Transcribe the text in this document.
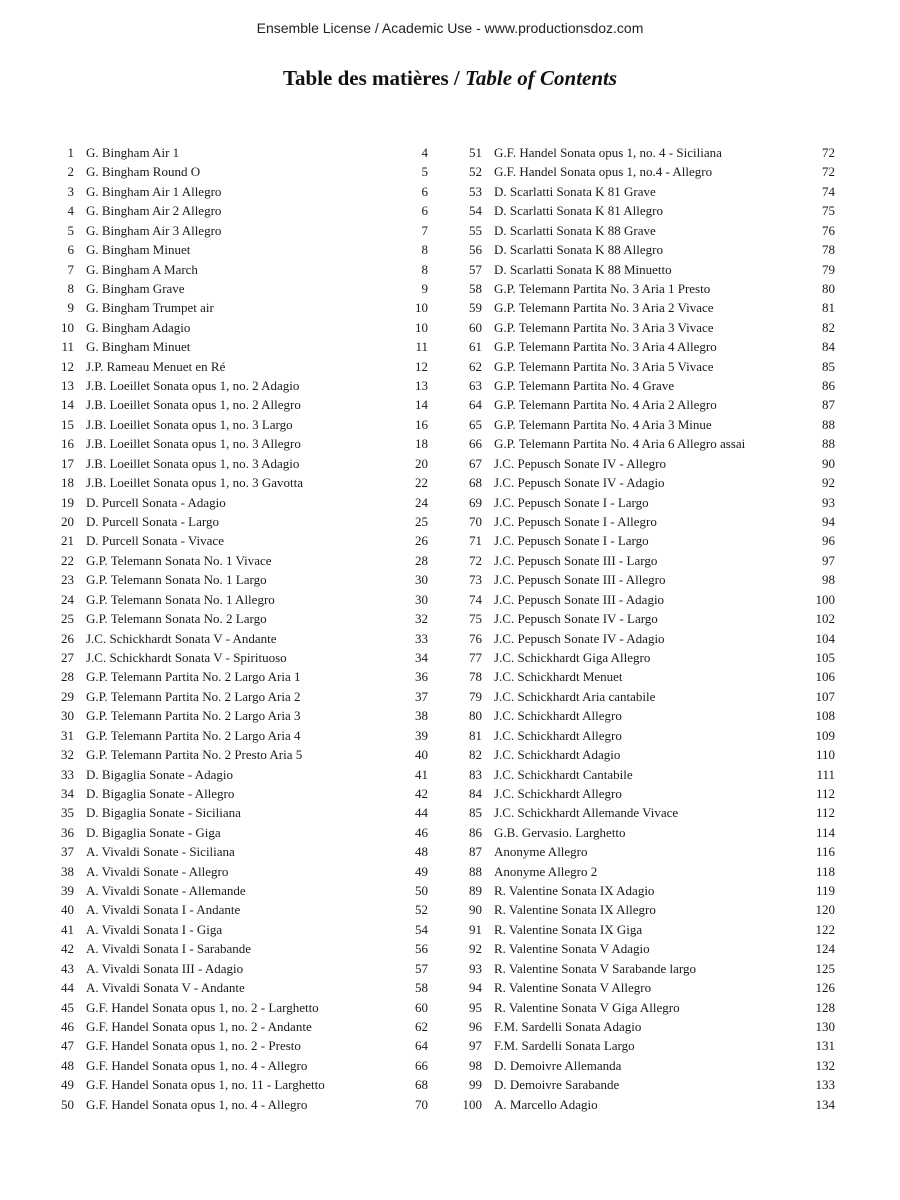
Ensemble License / Academic Use - www.productionsdoz.com
Table des matières / Table of Contents
1 G. Bingham Air 1	4
2 G. Bingham Round O	5
3 G. Bingham Air 1 Allegro	6
4 G. Bingham Air 2 Allegro	6
5 G. Bingham Air 3 Allegro	7
6 G. Bingham Minuet	8
7 G. Bingham A March	8
8 G. Bingham Grave	9
9 G. Bingham Trumpet air	10
10 G. Bingham Adagio	10
11 G. Bingham Minuet	11
12 J.P. Rameau Menuet en Ré	12
13 J.B. Loeillet Sonata opus 1, no. 2 Adagio	13
14 J.B. Loeillet Sonata opus 1, no. 2 Allegro	14
15 J.B. Loeillet Sonata opus 1, no. 3 Largo	16
16 J.B. Loeillet Sonata opus 1, no. 3 Allegro	18
17 J.B. Loeillet Sonata opus 1, no. 3 Adagio	20
18 J.B. Loeillet Sonata opus 1, no. 3 Gavotta	22
19 D. Purcell Sonata - Adagio	24
20 D. Purcell Sonata - Largo	25
21 D. Purcell Sonata - Vivace	26
22 G.P. Telemann Sonata No. 1 Vivace	28
23 G.P. Telemann Sonata No. 1 Largo	30
24 G.P. Telemann Sonata No. 1 Allegro	30
25 G.P. Telemann Sonata No. 2 Largo	32
26 J.C. Schickhardt Sonata V - Andante	33
27 J.C. Schickhardt Sonata V - Spirituoso	34
28 G.P. Telemann Partita No. 2 Largo Aria 1	36
29 G.P. Telemann Partita No. 2 Largo Aria 2	37
30 G.P. Telemann Partita No. 2 Largo Aria 3	38
31 G.P. Telemann Partita No. 2 Largo Aria 4	39
32 G.P. Telemann Partita No. 2 Presto Aria 5	40
33 D. Bigaglia Sonate - Adagio	41
34 D. Bigaglia Sonate - Allegro	42
35 D. Bigaglia Sonate - Siciliana	44
36 D. Bigaglia Sonate - Giga	46
37 A. Vivaldi Sonate - Siciliana	48
38 A. Vivaldi Sonate - Allegro	49
39 A. Vivaldi Sonate - Allemande	50
40 A. Vivaldi Sonata I - Andante	52
41 A. Vivaldi Sonata I - Giga	54
42 A. Vivaldi Sonata I - Sarabande	56
43 A. Vivaldi Sonata III - Adagio	57
44 A. Vivaldi Sonata V - Andante	58
45 G.F. Handel Sonata opus 1, no. 2 - Larghetto	60
46 G.F. Handel Sonata opus 1, no. 2 - Andante	62
47 G.F. Handel Sonata opus 1, no. 2 - Presto	64
48 G.F. Handel Sonata opus 1, no. 4 - Allegro	66
49 G.F. Handel Sonata opus 1, no. 11 - Larghetto	68
50 G.F. Handel Sonata opus 1, no. 4 - Allegro	70
51 G.F. Handel Sonata opus 1, no. 4 - Siciliana	72
52 G.F. Handel Sonata opus 1, no.4 - Allegro	72
53 D. Scarlatti Sonata K 81 Grave	74
54 D. Scarlatti Sonata K 81 Allegro	75
55 D. Scarlatti Sonata K 88 Grave	76
56 D. Scarlatti Sonata K 88 Allegro	78
57 D. Scarlatti Sonata K 88 Minuetto	79
58 G.P. Telemann Partita No. 3 Aria 1 Presto	80
59 G.P. Telemann Partita No. 3 Aria 2 Vivace	81
60 G.P. Telemann Partita No. 3 Aria 3 Vivace	82
61 G.P. Telemann Partita No. 3 Aria 4 Allegro	84
62 G.P. Telemann Partita No. 3 Aria 5 Vivace	85
63 G.P. Telemann Partita No. 4 Grave	86
64 G.P. Telemann Partita No. 4 Aria 2 Allegro	87
65 G.P. Telemann Partita No. 4 Aria 3 Minue	88
66 G.P. Telemann Partita No. 4 Aria 6 Allegro assai	88
67 J.C. Pepusch Sonate IV - Allegro	90
68 J.C. Pepusch Sonate IV - Adagio	92
69 J.C. Pepusch Sonate I - Largo	93
70 J.C. Pepusch Sonate I - Allegro	94
71 J.C. Pepusch Sonate I - Largo	96
72 J.C. Pepusch Sonate III - Largo	97
73 J.C. Pepusch Sonate III - Allegro	98
74 J.C. Pepusch Sonate III - Adagio	100
75 J.C. Pepusch Sonate IV - Largo	102
76 J.C. Pepusch Sonate IV - Adagio	104
77 J.C. Schickhardt Giga Allegro	105
78 J.C. Schickhardt Menuet	106
79 J.C. Schickhardt Aria cantabile	107
80 J.C. Schickhardt Allegro	108
81 J.C. Schickhardt Allegro	109
82 J.C. Schickhardt Adagio	110
83 J.C. Schickhardt Cantabile	111
84 J.C. Schickhardt Allegro	112
85 J.C. Schickhardt Allemande Vivace	112
86 G.B. Gervasio. Larghetto	114
87 Anonyme Allegro	116
88 Anonyme Allegro 2	118
89 R. Valentine Sonata IX Adagio	119
90 R. Valentine Sonata IX Allegro	120
91 R. Valentine Sonata IX Giga	122
92 R. Valentine Sonata V Adagio	124
93 R. Valentine Sonata V Sarabande largo	125
94 R. Valentine Sonata V Allegro	126
95 R. Valentine Sonata V Giga Allegro	128
96 F.M. Sardelli Sonata Adagio	130
97 F.M. Sardelli Sonata Largo	131
98 D. Demoivre Allemanda	132
99 D. Demoivre Sarabande	133
100 A. Marcello Adagio	134
